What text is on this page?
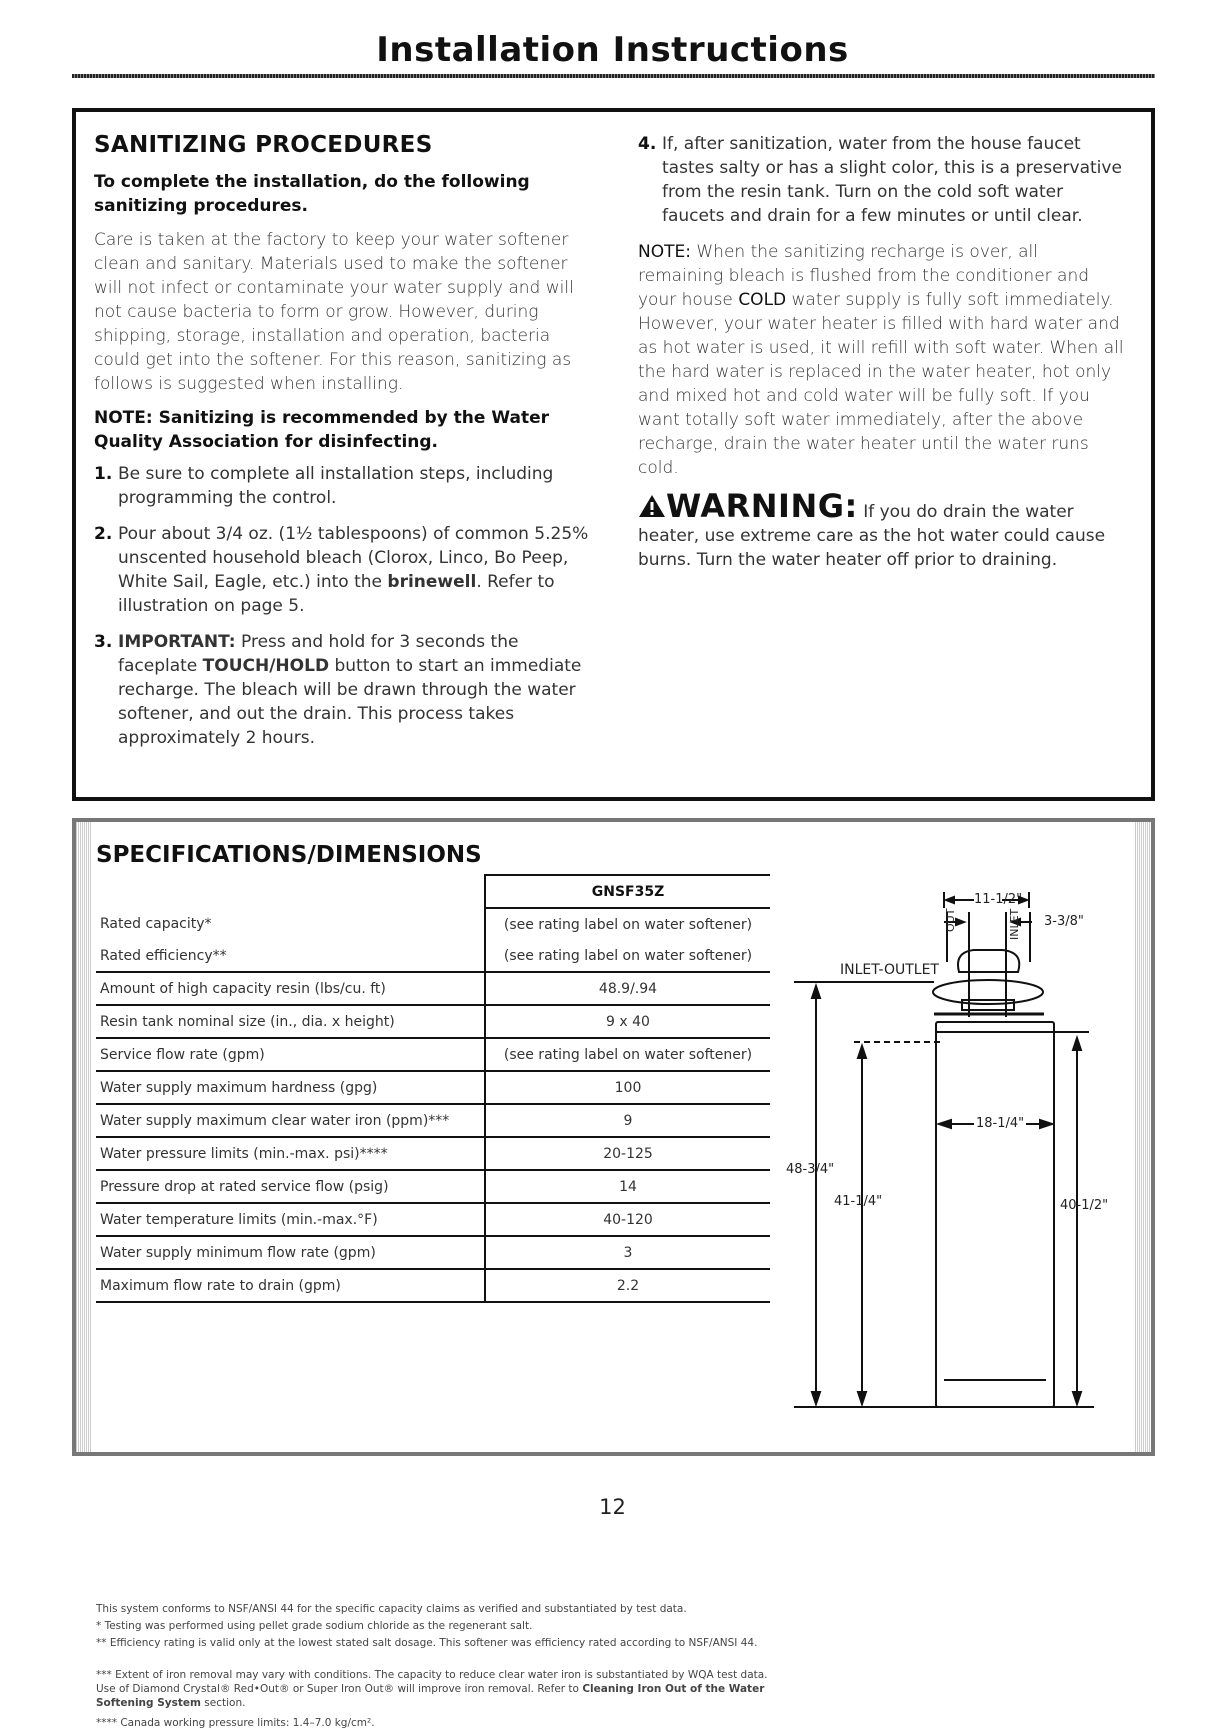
Installation Instructions
SANITIZING PROCEDURES

To complete the installation, do the following sanitizing procedures.

Care is taken at the factory to keep your water softener clean and sanitary. Materials used to make the softener will not infect or contaminate your water supply and will not cause bacteria to form or grow. However, during shipping, storage, installation and operation, bacteria could get into the softener. For this reason, sanitizing as follows is suggested when installing.

NOTE: Sanitizing is recommended by the Water Quality Association for disinfecting.

1. Be sure to complete all installation steps, including programming the control.
2. Pour about 3/4 oz. (1½ tablespoons) of common 5.25% unscented household bleach (Clorox, Linco, Bo Peep, White Sail, Eagle, etc.) into the brinewell. Refer to illustration on page 5.
3. IMPORTANT: Press and hold for 3 seconds the faceplate TOUCH/HOLD button to start an immediate recharge. The bleach will be drawn through the water softener, and out the drain. This process takes approximately 2 hours.
4. If, after sanitization, water from the house faucet tastes salty or has a slight color, this is a preservative from the resin tank. Turn on the cold soft water faucets and drain for a few minutes or until clear.

NOTE: When the sanitizing recharge is over, all remaining bleach is flushed from the conditioner and your house COLD water supply is fully soft immediately. However, your water heater is filled with hard water and as hot water is used, it will refill with soft water. When all the hard water is replaced in the water heater, hot only and mixed hot and cold water will be fully soft. If you want totally soft water immediately, after the above recharge, drain the water heater until the water runs cold.

WARNING: If you do drain the water heater, use extreme care as the hot water could cause burns. Turn the water heater off prior to draining.
SPECIFICATIONS/DIMENSIONS
	GNSF35Z
Rated capacity*	(see rating label on water softener)
Rated efficiency**	(see rating label on water softener)
Amount of high capacity resin (lbs/cu. ft)	48.9/.94
Resin tank nominal size (in., dia. x height)	9 x 40
Service flow rate (gpm)	(see rating label on water softener)
Water supply maximum hardness (gpg)	100
Water supply maximum clear water iron (ppm)***	9
Water pressure limits (min.-max. psi)****	20-125
Pressure drop at rated service flow (psig)	14
Water temperature limits (min.-max.°F)	40-120
Water supply minimum flow rate (gpm)	3
Maximum flow rate to drain (gpm)	2.2
This system conforms to NSF/ANSI 44 for the specific capacity claims as verified and substantiated by test data.
* Testing was performed using pellet grade sodium chloride as the regenerant salt.
** Efficiency rating is valid only at the lowest stated salt dosage. This softener was efficiency rated according to NSF/ANSI 44.
*** Extent of iron removal may vary with conditions. The capacity to reduce clear water iron is substantiated by WQA test data. Use of Diamond Crystal® Red•Out® or Super Iron Out® will improve iron removal. Refer to Cleaning Iron Out of the Water Softening System section.
**** Canada working pressure limits: 1.4–7.0 kg/cm².
11-1/2"
3-3/8"
OUT	INLET
INLET-OUTLET
18-1/4"
48-3/4"
41-1/4"	40-1/2"
12
